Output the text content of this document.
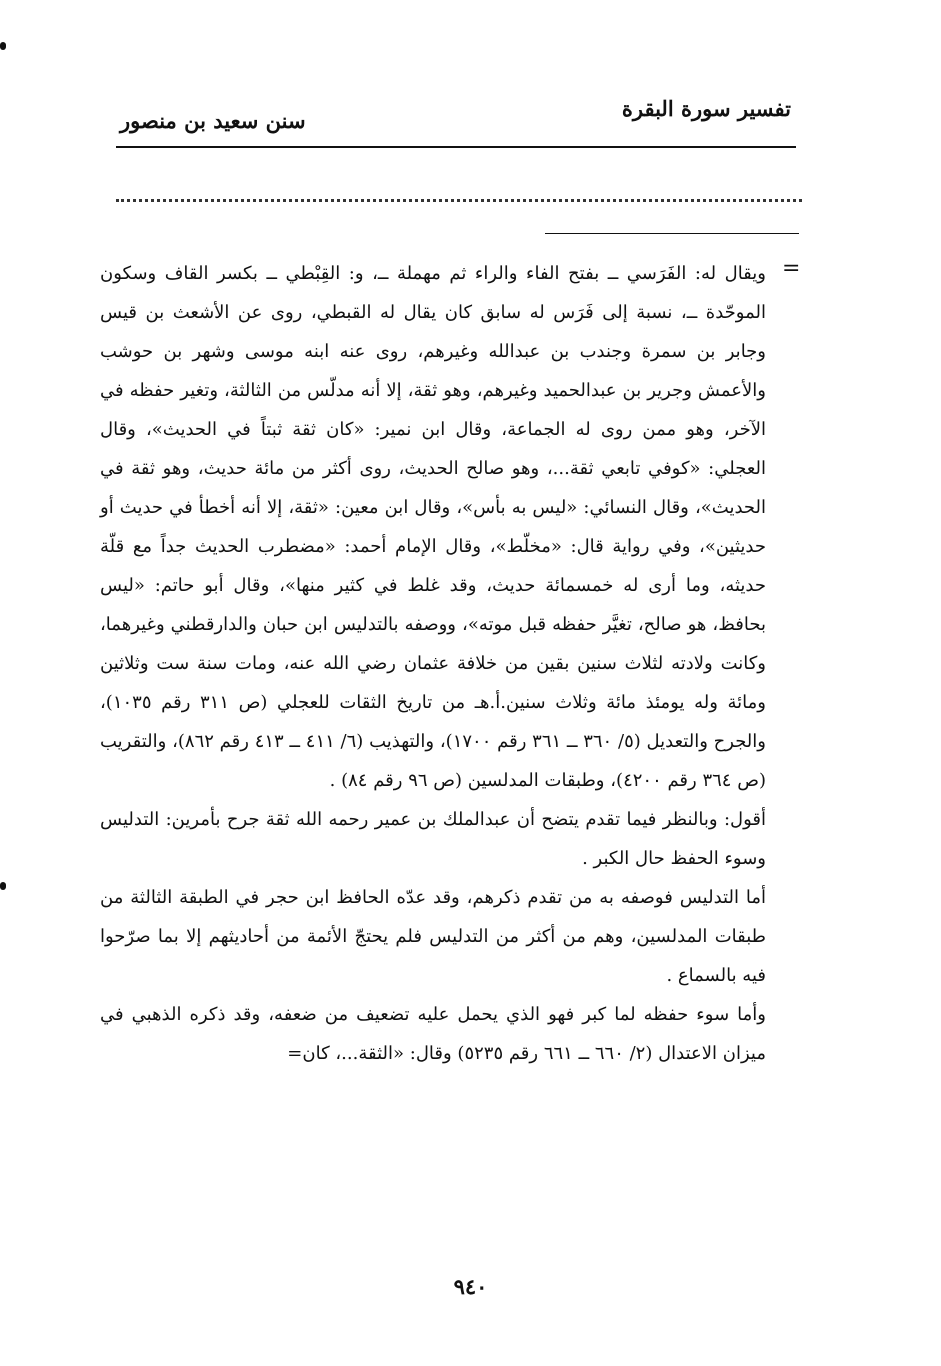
تفسير سورة البقرة
سنن سعيد بن منصور
=

ويقال له: الفَرَسي ــ بفتح الفاء والراء ثم مهملة ــ، و: القِبْطي ــ بكسر القاف وسكون الموحّدة ــ، نسبة إلى فَرَس له سابق كان يقال له القبطي، روى عن الأشعث بن قيس وجابر بن سمرة وجندب بن عبدالله وغيرهم، روى عنه ابنه موسى وشهر بن حوشب والأعمش وجرير بن عبدالحميد وغيرهم، وهو ثقة، إلا أنه مدلّس من الثالثة، وتغير حفظه في الآخر، وهو ممن روى له الجماعة، وقال ابن نمير: «كان ثقة ثبتاً في الحديث»، وقال العجلي: «كوفي تابعي ثقة...، وهو صالح الحديث، روى أكثر من مائة حديث، وهو ثقة في الحديث»، وقال النسائي: «ليس به بأس»، وقال ابن معين: «ثقة، إلا أنه أخطأ في حديث أو حديثين»، وفي رواية قال: «مخلّط»، وقال الإمام أحمد: «مضطرب الحديث جداً مع قلّة حديثه، وما أرى له خمسمائة حديث، وقد غلط في كثير منها»، وقال أبو حاتم: «ليس بحافظ، هو صالح، تغيَّر حفظه قبل موته»، ووصفه بالتدليس ابن حبان والدارقطني وغيرهما، وكانت ولادته لثلاث سنين بقين من خلافة عثمان رضي الله عنه، ومات سنة ست وثلاثين ومائة وله يومئذ مائة وثلاث سنين.أ.هـ من تاريخ الثقات للعجلي (ص ٣١١ رقم ١٠٣٥)، والجرح والتعديل (٥/ ٣٦٠ ــ ٣٦١ رقم ١٧٠٠)، والتهذيب (٦/ ٤١١ ــ ٤١٣ رقم ٨٦٢)، والتقريب (ص ٣٦٤ رقم ٤٢٠٠)، وطبقات المدلسين (ص ٩٦ رقم ٨٤) .

أقول: وبالنظر فيما تقدم يتضح أن عبدالملك بن عمير رحمه الله ثقة جرح بأمرين: التدليس وسوء الحفظ حال الكبر .

أما التدليس فوصفه به من تقدم ذكرهم، وقد عدّه الحافظ ابن حجر في الطبقة الثالثة من طبقات المدلسين، وهم من أكثر من التدليس فلم يحتجّ الأئمة من أحاديثهم إلا بما صرّحوا فيه بالسماع .

وأما سوء حفظه لما كبر فهو الذي يحمل عليه تضعيف من ضعفه، وقد ذكره الذهبي في ميزان الاعتدال (٢/ ٦٦٠ ــ ٦٦١ رقم ٥٢٣٥) وقال: «الثقة...، كان=

٩٤٠
